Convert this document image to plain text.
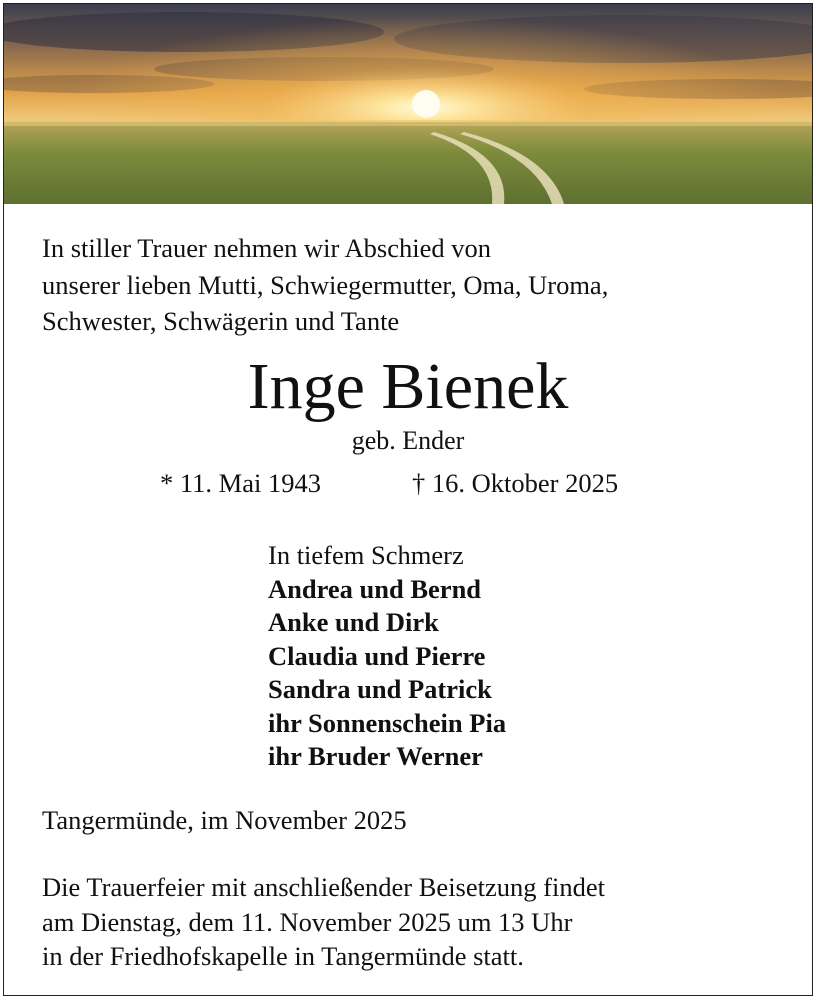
In stiller Trauer nehmen wir Abschied von
unserer lieben Mutti, Schwiegermutter, Oma, Uroma,
Schwester, Schwägerin und Tante

Inge Bienek

geb. Ender

* 11. Mai 1943	† 16. Oktober 2025

In tiefem Schmerz
Andrea und Bernd
Anke und Dirk
Claudia und Pierre
Sandra und Patrick
ihr Sonnenschein Pia
ihr Bruder Werner

Tangermünde, im November 2025

Die Trauerfeier mit anschließender Beisetzung findet
am Dienstag, dem 11. November 2025 um 13 Uhr
in der Friedhofskapelle in Tangermünde statt.
